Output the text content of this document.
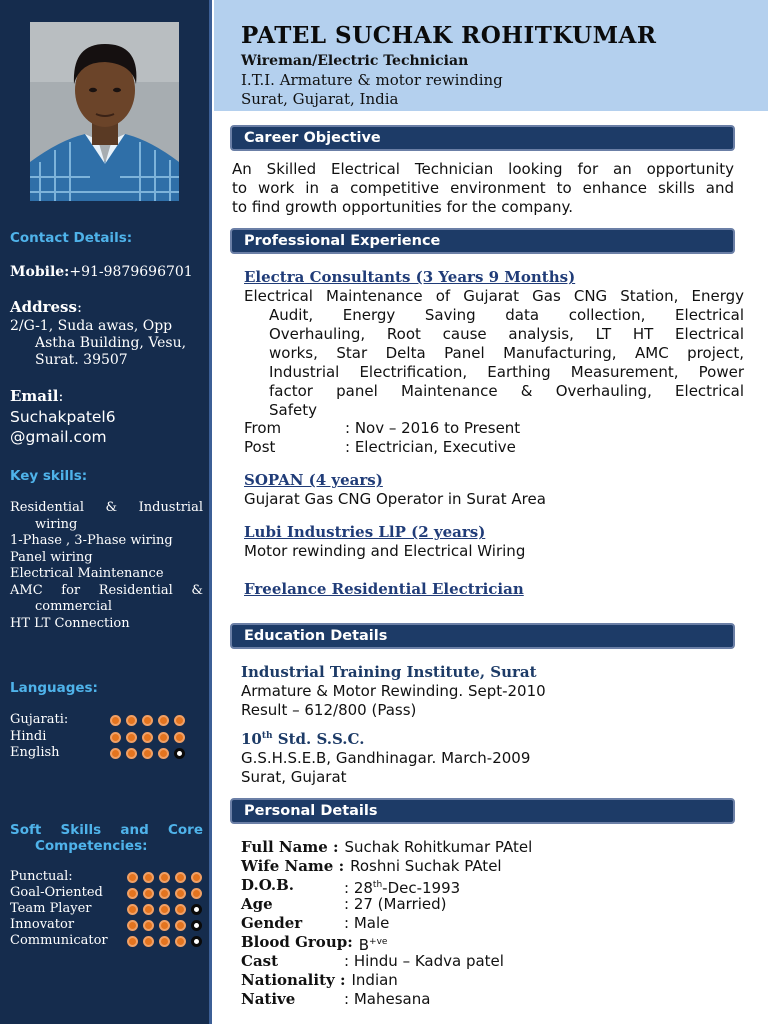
Contact Details:
Mobile:+91-9879696701
Address:
2/G-1, Suda awas, Opp
Astha Building, Vesu,
Surat. 39507
Email:
Suchakpatel6
@gmail.com
Key skills:
Residential & Industrial
wiring
1-Phase , 3-Phase wiring
Panel wiring
Electrical Maintenance
AMC for Residential &
commercial
HT LT Connection
Languages:
Gujarati:
Hindi
English
Soft Skills and Core
Competencies:
Punctual:
Goal-Oriented
Team Player
Innovator
Communicator
PATEL SUCHAK ROHITKUMAR
Wireman/Electric Technician
I.T.I. Armature & motor rewinding
Surat, Gujarat, India
Career Objective
An Skilled Electrical Technician looking for an opportunity
to work in a competitive environment to enhance skills and
to find growth opportunities for the company.
Professional Experience
Electra Consultants (3 Years 9 Months)
Electrical Maintenance of Gujarat Gas CNG Station, Energy
Audit, Energy Saving data collection, Electrical
Overhauling, Root cause analysis, LT HT Electrical
works, Star Delta Panel Manufacturing, AMC project,
Industrial Electrification, Earthing Measurement, Power
factor panel Maintenance & Overhauling, Electrical
Safety
From	: Nov – 2016 to Present
Post	: Electrician, Executive
SOPAN (4 years)
Gujarat Gas CNG Operator in Surat Area
Lubi Industries LlP (2 years)
Motor rewinding and Electrical Wiring
Freelance Residential Electrician
Education Details
Industrial Training Institute, Surat
Armature & Motor Rewinding. Sept-2010
Result – 612/800 (Pass)
10th Std. S.S.C.
G.S.H.S.E.B, Gandhinagar. March-2009
Surat, Gujarat
Personal Details
Full Name : Suchak Rohitkumar PAtel
Wife Name : Roshni Suchak PAtel
D.O.B.	: 28th-Dec-1993
Age	: 27 (Married)
Gender	: Male
Blood Group: $B^{+ve}$
Cast	: Hindu – Kadva patel
Nationality : Indian
Native	: Mahesana
